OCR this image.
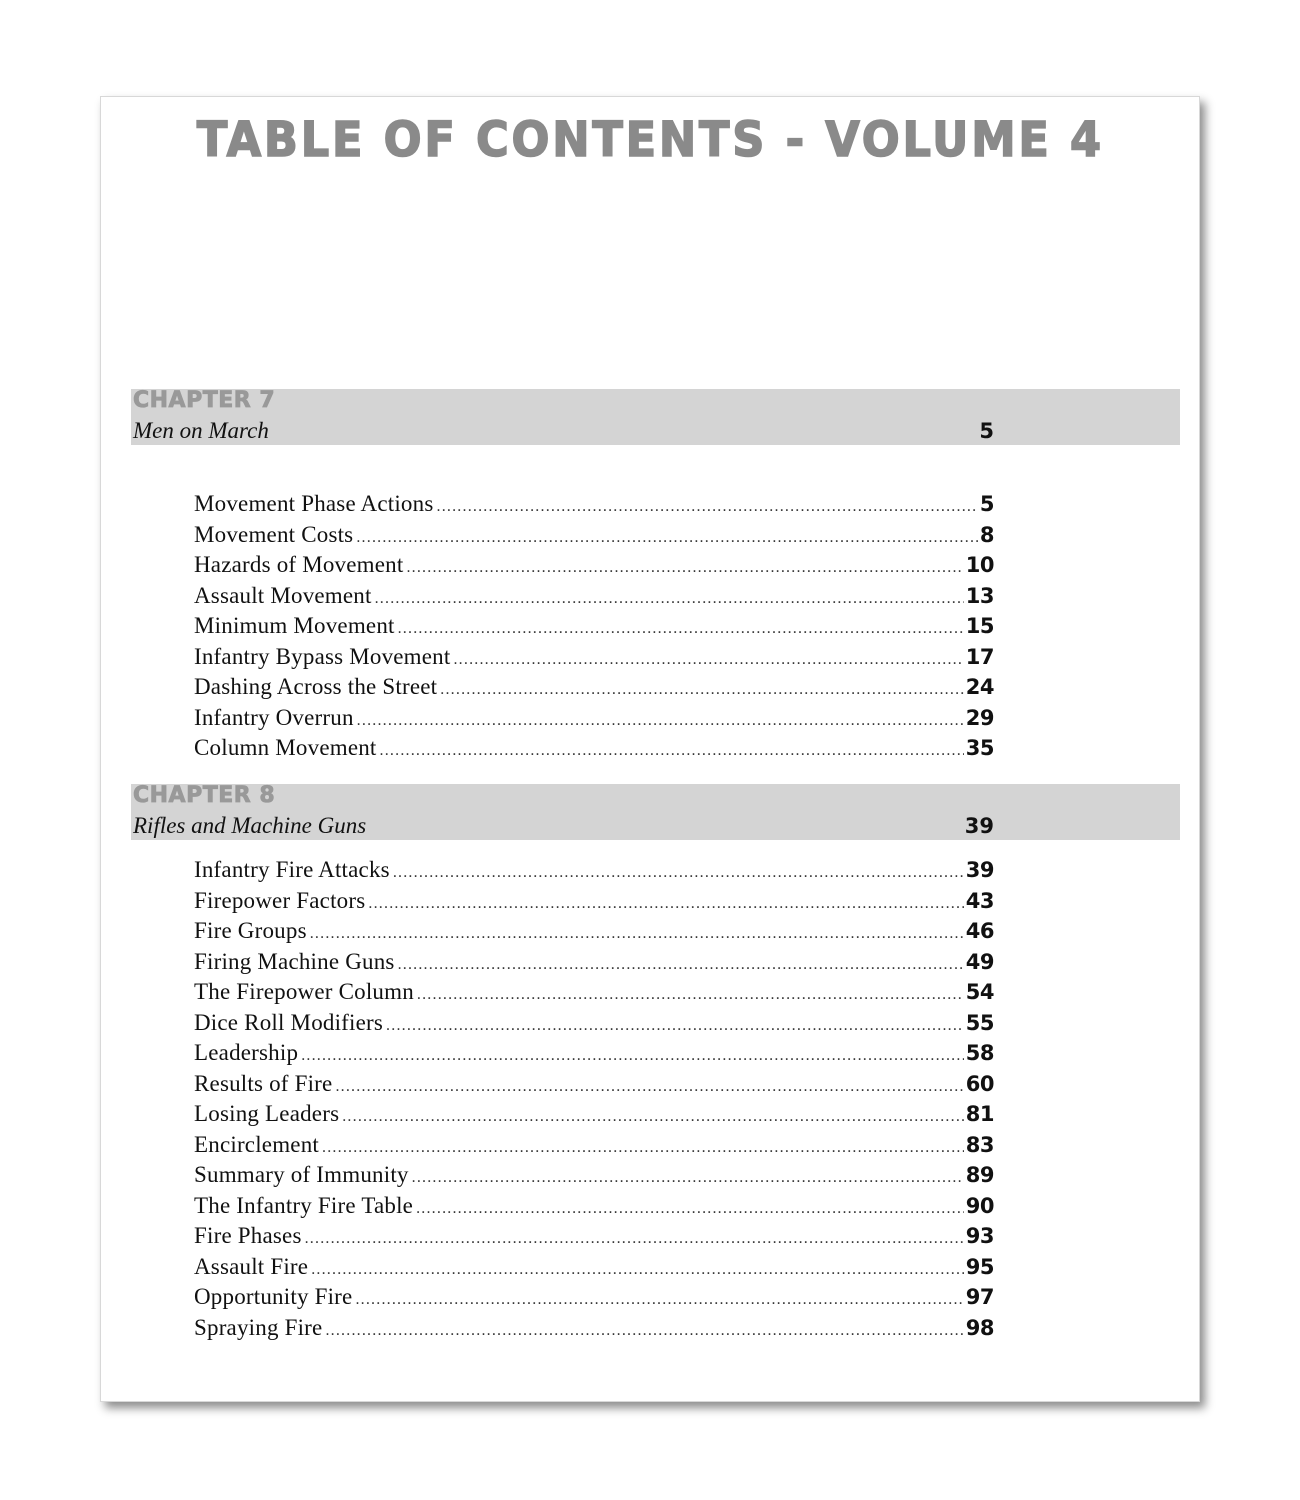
TABLE OF CONTENTS - VOLUME 4
CHAPTER 7
Men on March	5
Movement Phase Actions .....	5
Movement Costs .....	8
Hazards of Movement .....	10
Assault Movement .....	13
Minimum Movement .....	15
Infantry Bypass Movement .....	17
Dashing Across the Street .....	24
Infantry Overrun .....	29
Column Movement .....	35
CHAPTER 8
Rifles and Machine Guns	39
Infantry Fire Attacks .....	39
Firepower Factors .....	43
Fire Groups .....	46
Firing Machine Guns .....	49
The Firepower Column .....	54
Dice Roll Modifiers .....	55
Leadership .....	58
Results of Fire .....	60
Losing Leaders .....	81
Encirclement .....	83
Summary of Immunity .....	89
The Infantry Fire Table .....	90
Fire Phases .....	93
Assault Fire .....	95
Opportunity Fire .....	97
Spraying Fire .....	98
